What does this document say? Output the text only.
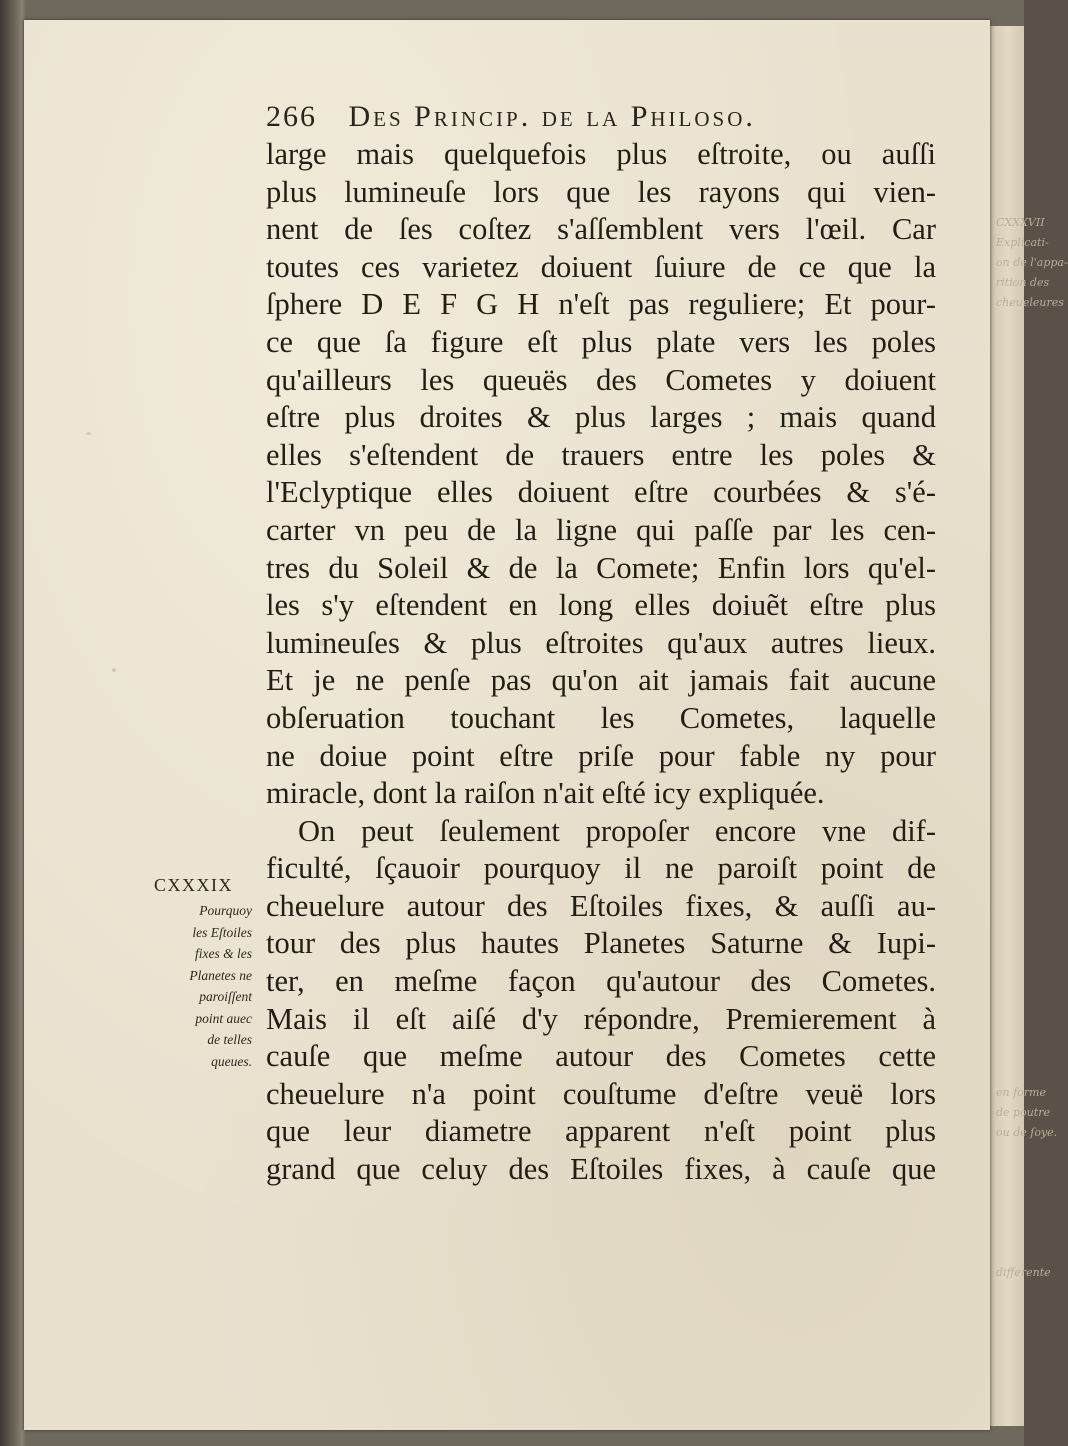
CXXXVII
Explicati-
on de l'appa-
rition des
cheueleures
en forme
de poutre
ou de ſoye.
differente
266 Des Princip. de la Philoso.
large mais quelquefois plus eſtroite, ou auſſi
plus lumineuſe lors que les rayons qui vien-
nent de ſes coſtez s'aſſemblent vers l'œil. Car
toutes ces varietez doiuent ſuiure de ce que la
ſphere D E F G H n'eſt pas reguliere; Et pour-
ce que ſa figure eſt plus plate vers les poles
qu'ailleurs les queuës des Cometes y doiuent
eſtre plus droites & plus larges ; mais quand
elles s'eſtendent de trauers entre les poles &
l'Eclyptique elles doiuent eſtre courbées & s'é-
carter vn peu de la ligne qui paſſe par les cen-
tres du Soleil & de la Comete; Enfin lors qu'el-
les s'y eſtendent en long elles doiuẽt eſtre plus
lumineuſes & plus eſtroites qu'aux autres lieux.
Et je ne penſe pas qu'on ait jamais fait aucune
obſeruation touchant les Cometes, laquelle
ne doiue point eſtre priſe pour fable ny pour
miracle, dont la raiſon n'ait eſté icy expliquée.
On peut ſeulement propoſer encore vne dif-
ficulté, ſçauoir pourquoy il ne paroiſt point de
cheuelure autour des Eſtoiles fixes, & auſſi au-
tour des plus hautes Planetes Saturne & Iupi-
ter, en meſme façon qu'autour des Cometes.
Mais il eſt aiſé d'y répondre, Premierement à
cauſe que meſme autour des Cometes cette
cheuelure n'a point couſtume d'eſtre veuë lors
que leur diametre apparent n'eſt point plus
grand que celuy des Eſtoiles fixes, à cauſe que
CXXXIX
Pourquoy
les Eſtoiles
fixes & les
Planetes ne
paroiſſent
point auec
de telles
queues.
